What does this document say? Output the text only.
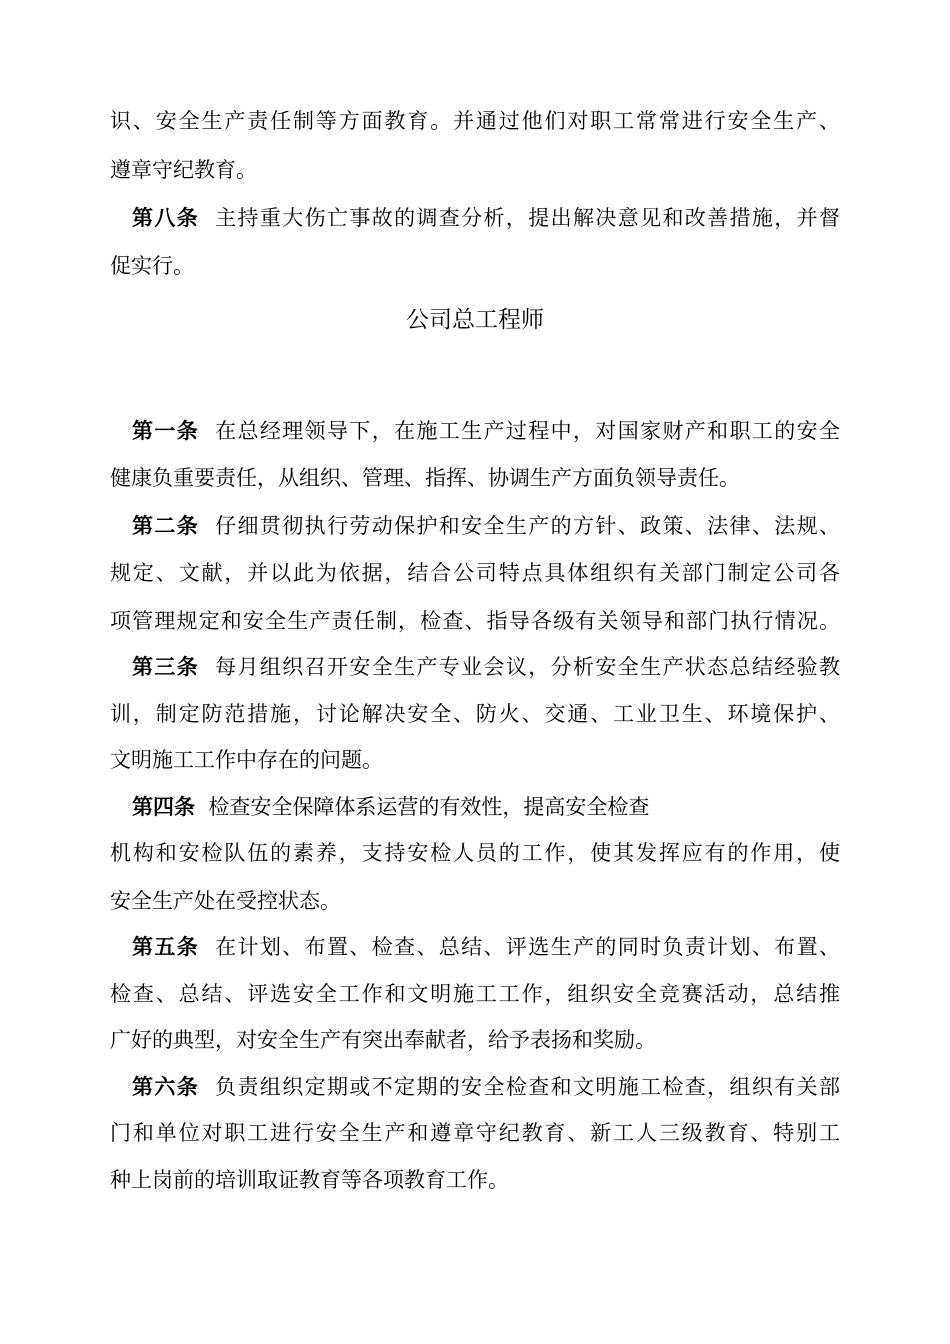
识、安全生产责任制等方面教育。并通过他们对职工常常进行安全生产、
遵章守纪教育。
第八条 主持重大伤亡事故的调查分析，提出解决意见和改善措施，并督
促实行。
公司总工程师
第一条 在总经理领导下，在施工生产过程中，对国家财产和职工的安全
健康负重要责任，从组织、管理、指挥、协调生产方面负领导责任。
第二条 仔细贯彻执行劳动保护和安全生产的方针、政策、法律、法规、
规定、文献，并以此为依据，结合公司特点具体组织有关部门制定公司各
项管理规定和安全生产责任制，检查、指导各级有关领导和部门执行情况。
第三条 每月组织召开安全生产专业会议，分析安全生产状态总结经验教
训，制定防范措施，讨论解决安全、防火、交通、工业卫生、环境保护、
文明施工工作中存在的问题。
第四条 检查安全保障体系运营的有效性，提高安全检查
机构和安检队伍的素养，支持安检人员的工作，使其发挥应有的作用，使
安全生产处在受控状态。
第五条 在计划、布置、检查、总结、评选生产的同时负责计划、布置、
检查、总结、评选安全工作和文明施工工作，组织安全竞赛活动，总结推
广好的典型，对安全生产有突出奉献者，给予表扬和奖励。
第六条 负责组织定期或不定期的安全检查和文明施工检查，组织有关部
门和单位对职工进行安全生产和遵章守纪教育、新工人三级教育、特别工
种上岗前的培训取证教育等各项教育工作。
